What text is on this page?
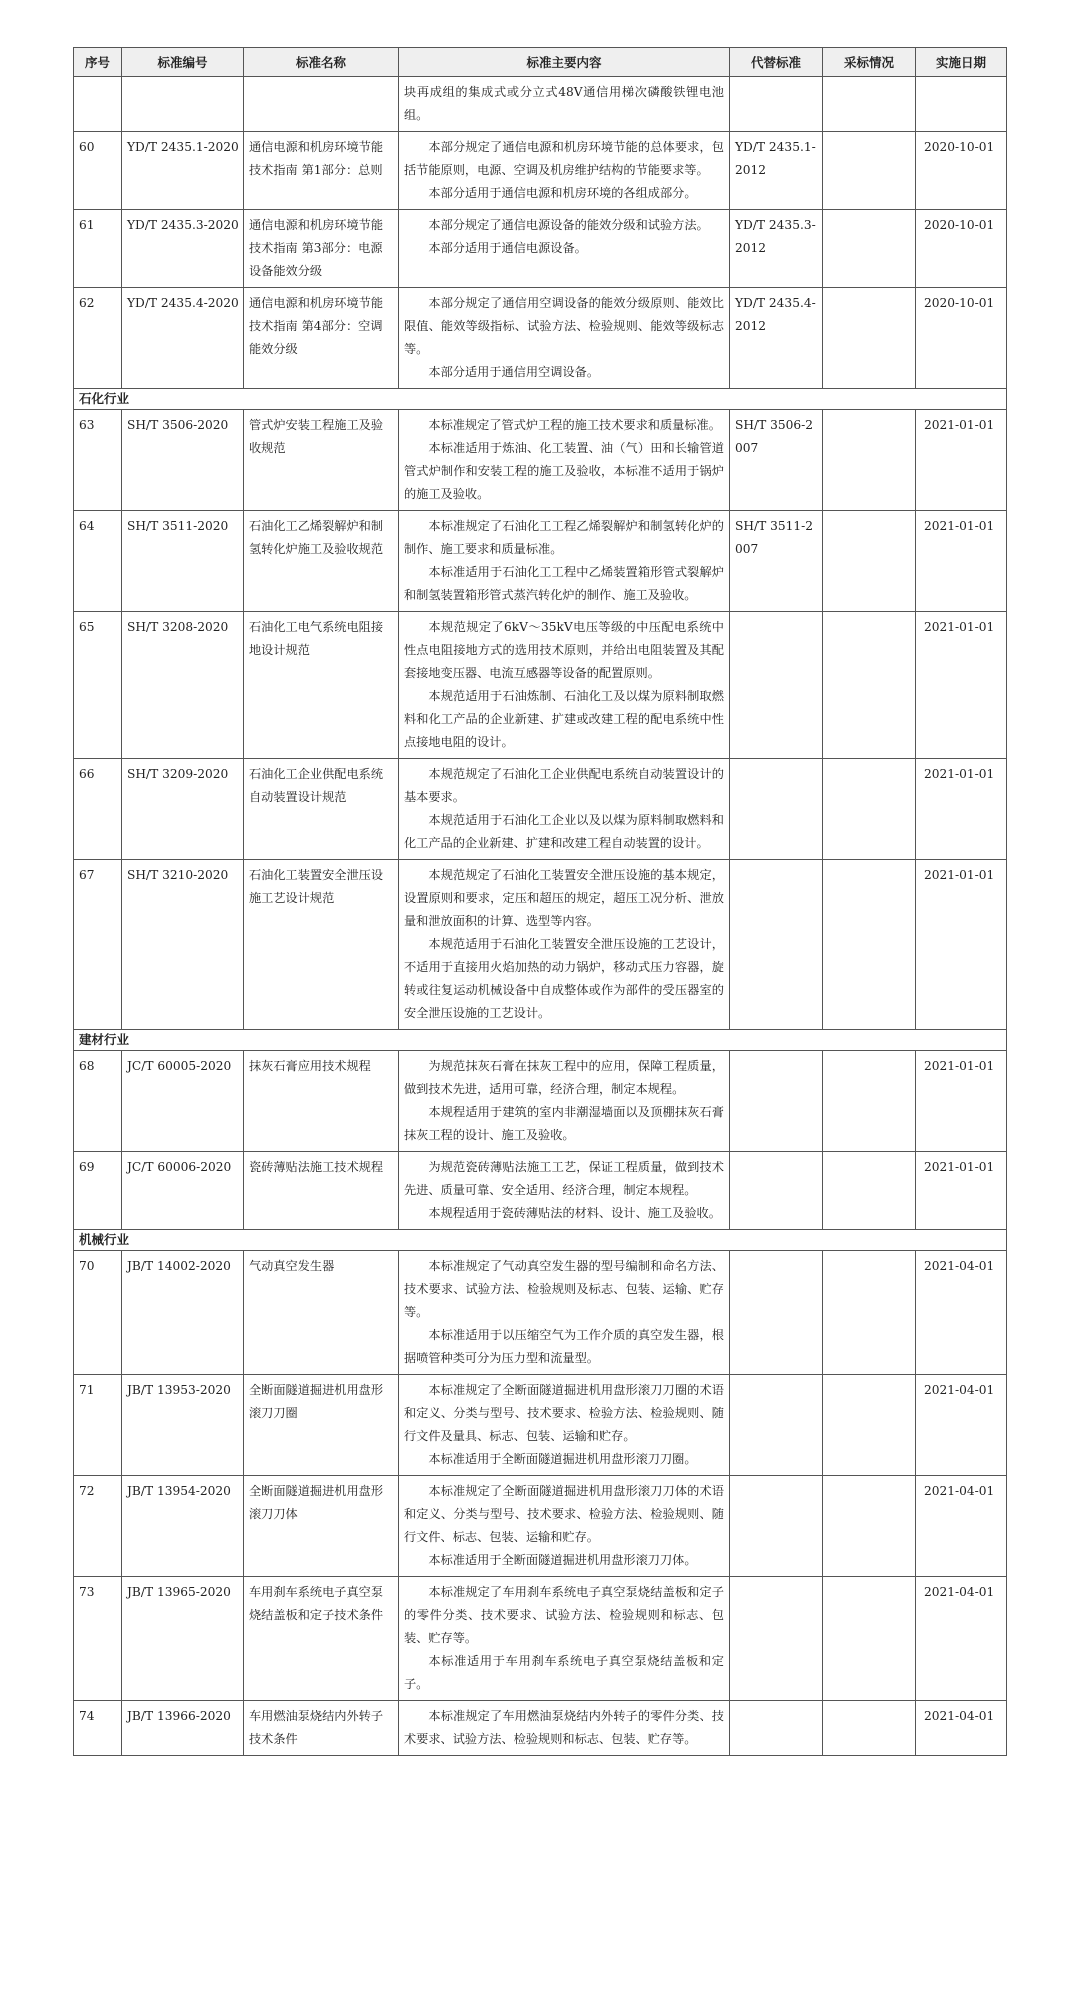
序号	标准编号	标准名称	标准主要内容	代替标准	采标情况	实施日期

			块再成组的集成式或分立式48V通信用梯次磷酸铁锂电池组。			

60	YD/T 2435.1-2020	通信电源和机房环境节能技术指南 第1部分：总则	本部分规定了通信电源和机房环境节能的总体要求，包括节能原则，电源、空调及机房维护结构的节能要求等。

本部分适用于通信电源和机房环境的各组成部分。	YD/T 2435.1-2012		2020-10-01
61	YD/T 2435.3-2020	通信电源和机房环境节能技术指南 第3部分：电源设备能效分级	本部分规定了通信电源设备的能效分级和试验方法。

本部分适用于通信电源设备。	YD/T 2435.3-2012		2020-10-01
62	YD/T 2435.4-2020	通信电源和机房环境节能技术指南 第4部分：空调能效分级	本部分规定了通信用空调设备的能效分级原则、能效比限值、能效等级指标、试验方法、检验规则、能效等级标志等。

本部分适用于通信用空调设备。	YD/T 2435.4-2012		2020-10-01
石化行业						
63	SH/T 3506-2020	管式炉安装工程施工及验收规范	本标准规定了管式炉工程的施工技术要求和质量标准。

本标准适用于炼油、化工装置、油（气）田和长输管道管式炉制作和安装工程的施工及验收，本标准不适用于锅炉的施工及验收。	SH/T 3506-2007		2021-01-01
64	SH/T 3511-2020	石油化工乙烯裂解炉和制氢转化炉施工及验收规范	本标准规定了石油化工工程乙烯裂解炉和制氢转化炉的制作、施工要求和质量标准。

本标准适用于石油化工工程中乙烯装置箱形管式裂解炉和制氢装置箱形管式蒸汽转化炉的制作、施工及验收。	SH/T 3511-2007		2021-01-01
65	SH/T 3208-2020	石油化工电气系统电阻接地设计规范	本规范规定了6kV～35kV电压等级的中压配电系统中性点电阻接地方式的选用技术原则，并给出电阻装置及其配套接地变压器、电流互感器等设备的配置原则。

本规范适用于石油炼制、石油化工及以煤为原料制取燃料和化工产品的企业新建、扩建或改建工程的配电系统中性点接地电阻的设计。			2021-01-01
66	SH/T 3209-2020	石油化工企业供配电系统自动装置设计规范	本规范规定了石油化工企业供配电系统自动装置设计的基本要求。

本规范适用于石油化工企业以及以煤为原料制取燃料和化工产品的企业新建、扩建和改建工程自动装置的设计。			2021-01-01
67	SH/T 3210-2020	石油化工装置安全泄压设施工艺设计规范	本规范规定了石油化工装置安全泄压设施的基本规定，设置原则和要求，定压和超压的规定，超压工况分析、泄放量和泄放面积的计算、选型等内容。

本规范适用于石油化工装置安全泄压设施的工艺设计，不适用于直接用火焰加热的动力锅炉，移动式压力容器，旋转或往复运动机械设备中自成整体或作为部件的受压器室的安全泄压设施的工艺设计。			2021-01-01
建材行业						
68	JC/T 60005-2020	抹灰石膏应用技术规程	为规范抹灰石膏在抹灰工程中的应用，保障工程质量，做到技术先进，适用可靠，经济合理，制定本规程。

本规程适用于建筑的室内非潮湿墙面以及顶棚抹灰石膏抹灰工程的设计、施工及验收。			2021-01-01
69	JC/T 60006-2020	瓷砖薄贴法施工技术规程	为规范瓷砖薄贴法施工工艺，保证工程质量，做到技术先进、质量可靠、安全适用、经济合理，制定本规程。

本规程适用于瓷砖薄贴法的材料、设计、施工及验收。			2021-01-01
机械行业						
70	JB/T 14002-2020	气动真空发生器	本标准规定了气动真空发生器的型号编制和命名方法、技术要求、试验方法、检验规则及标志、包装、运输、贮存等。

本标准适用于以压缩空气为工作介质的真空发生器，根据喷管种类可分为压力型和流量型。			2021-04-01
71	JB/T 13953-2020	全断面隧道掘进机用盘形滚刀刀圈	本标准规定了全断面隧道掘进机用盘形滚刀刀圈的术语和定义、分类与型号、技术要求、检验方法、检验规则、随行文件及量具、标志、包装、运输和贮存。

本标准适用于全断面隧道掘进机用盘形滚刀刀圈。			2021-04-01
72	JB/T 13954-2020	全断面隧道掘进机用盘形滚刀刀体	本标准规定了全断面隧道掘进机用盘形滚刀刀体的术语和定义、分类与型号、技术要求、检验方法、检验规则、随行文件、标志、包装、运输和贮存。

本标准适用于全断面隧道掘进机用盘形滚刀刀体。			2021-04-01
73	JB/T 13965-2020	车用刹车系统电子真空泵烧结盖板和定子技术条件	本标准规定了车用刹车系统电子真空泵烧结盖板和定子的零件分类、技术要求、试验方法、检验规则和标志、包装、贮存等。

本标准适用于车用刹车系统电子真空泵烧结盖板和定子。			2021-04-01
74	JB/T 13966-2020	车用燃油泵烧结内外转子技术条件	本标准规定了车用燃油泵烧结内外转子的零件分类、技术要求、试验方法、检验规则和标志、包装、贮存等。			2021-04-01
